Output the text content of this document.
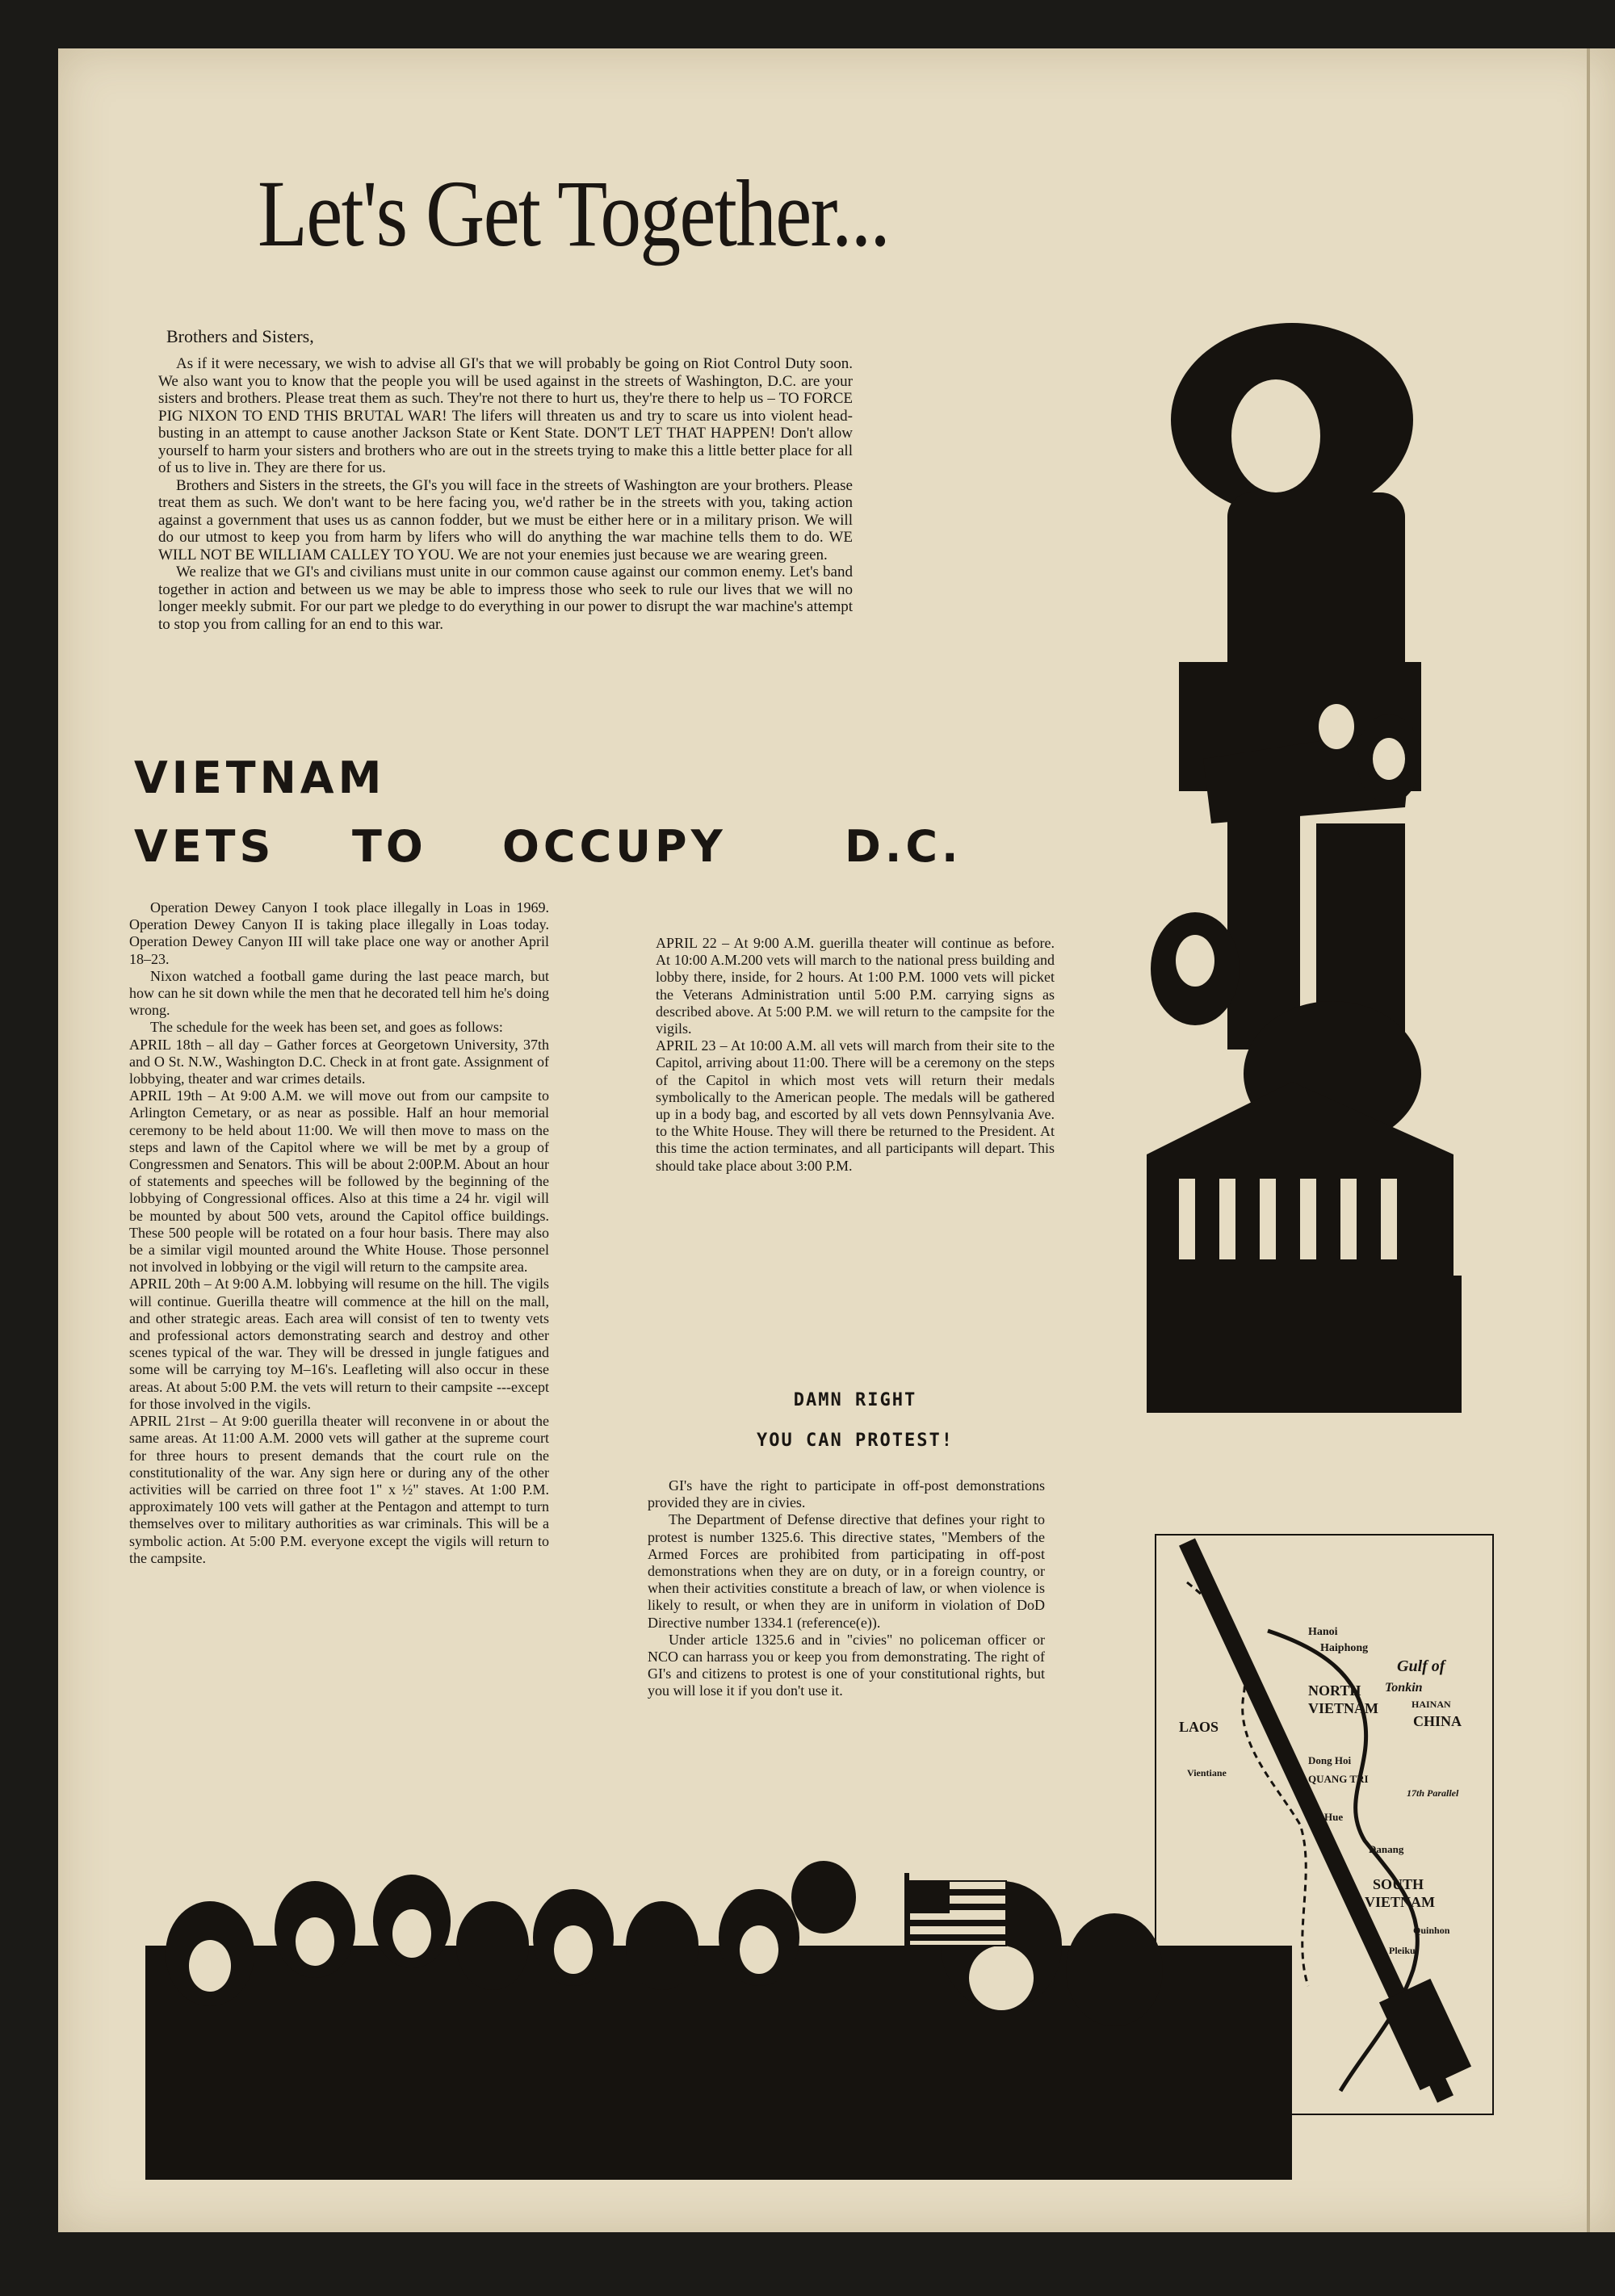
Let's Get Together...
Brothers and Sisters,

As if it were necessary, we wish to advise all GI's that we will probably be going on Riot Control Duty soon. We also want you to know that the people you will be used against in the streets of Washington, D.C. are your sisters and brothers. Please treat them as such. They're not there to hurt us, they're there to help us – TO FORCE PIG NIXON TO END THIS BRUTAL WAR! The lifers will threaten us and try to scare us into violent head-busting in an attempt to cause another Jackson State or Kent State. DON'T LET THAT HAPPEN! Don't allow yourself to harm your sisters and brothers who are out in the streets trying to make this a little better place for all of us to live in. They are there for us.

Brothers and Sisters in the streets, the GI's you will face in the streets of Washington are your brothers. Please treat them as such. We don't want to be here facing you, we'd rather be in the streets with you, taking action against a government that uses us as cannon fodder, but we must be either here or in a military prison. We will do our utmost to keep you from harm by lifers who will do anything the war machine tells them to do. WE WILL NOT BE WILLIAM CALLEY TO YOU. We are not your enemies just because we are wearing green.

We realize that we GI's and civilians must unite in our common cause against our common enemy. Let's band together in action and between us we may be able to impress those who seek to rule our lives that we will no longer meekly submit. For our part we pledge to do everything in our power to disrupt the war machine's attempt to stop you from calling for an end to this war.

VIETNAM
VETS TO OCCUPY	D.C.

Operation Dewey Canyon I took place illegally in Loas in 1969. Operation Dewey Canyon II is taking place illegally in Loas today. Operation Dewey Canyon III will take place one way or another April 18–23.

Nixon watched a football game during the last peace march, but how can he sit down while the men that he decorated tell him he's doing wrong.

The schedule for the week has been set, and goes as follows:

APRIL 18th – all day – Gather forces at Georgetown University, 37th and O St. N.W., Washington D.C. Check in at front gate. Assignment of lobbying, theater and war crimes details.

APRIL 19th – At 9:00 A.M. we will move out from our campsite to Arlington Cemetary, or as near as possible. Half an hour memorial ceremony to be held about 11:00. We will then move to mass on the steps and lawn of the Capitol where we will be met by a group of Congressmen and Senators. This will be about 2:00P.M. About an hour of statements and speeches will be followed by the beginning of the lobbying of Congressional offices. Also at this time a 24 hr. vigil will be mounted by about 500 vets, around the Capitol office buildings. These 500 people will be rotated on a four hour basis. There may also be a similar vigil mounted around the White House. Those personnel not involved in lobbying or the vigil will return to the campsite area.

APRIL 20th – At 9:00 A.M. lobbying will resume on the hill. The vigils will continue. Guerilla theatre will commence at the hill on the mall, and other strategic areas. Each area will consist of ten to twenty vets and professional actors demonstrating search and destroy and other scenes typical of the war. They will be dressed in jungle fatigues and some will be carrying toy M–16's. Leafleting will also occur in these areas. At about 5:00 P.M. the vets will return to their campsite ---except for those involved in the vigils.

APRIL 21rst – At 9:00 guerilla theater will reconvene in or about the same areas. At 11:00 A.M. 2000 vets will gather at the supreme court for three hours to present demands that the court rule on the constitutionality of the war. Any sign here or during any of the other activities will be carried on three foot 1" x ½" staves. At 1:00 P.M. approximately 100 vets will gather at the Pentagon and attempt to turn themselves over to military authorities as war criminals. This will be a symbolic action. At 5:00 P.M. everyone except the vigils will return to the campsite.

APRIL 22 – At 9:00 A.M. guerilla theater will continue as before. At 10:00 A.M.200 vets will march to the national press building and lobby there, inside, for 2 hours. At 1:00 P.M. 1000 vets will picket the Veterans Administration until 5:00 P.M. carrying signs as described above. At 5:00 P.M. we will return to the campsite for the vigils.

APRIL 23 – At 10:00 A.M. all vets will march from their site to the Capitol, arriving about 11:00. There will be a ceremony on the steps of the Capitol in which most vets will return their medals symbolically to the American people. The medals will be gathered up in a body bag, and escorted by all vets down Pennsylvania Ave. to the White House. They will there be returned to the President. At this time the action terminates, and all participants will depart. This should take place about 3:00 P.M.

DAMN RIGHT
YOU CAN PROTEST!

GI's have the right to participate in off-post demonstrations provided they are in civies.

The Department of Defense directive that defines your right to protest is number 1325.6. This directive states, "Members of the Armed Forces are prohibited from participating in off-post demonstrations when they are on duty, or in a foreign country, or when their activities constitute a breach of law, or when violence is likely to result, or when they are in uniform in violation of DoD Directive number 1334.1 (reference(e)).

Under article 1325.6 and in "civies" no policeman officer or NCO can harrass you or keep you from demonstrating. The right of GI's and citizens to protest is one of your constitutional rights, but you will lose it if you don't use it.

Hanoi
Haiphong
Gulf of
Tonkin
NORTH
VIETNAM	HAINAN
CHINA
LAOS
Vientiane
Dong Hoi
QUANG TRI
17th Parallel
Hue
Danang
SOUTH
VIETNAM
Quinhon
Pleiku
